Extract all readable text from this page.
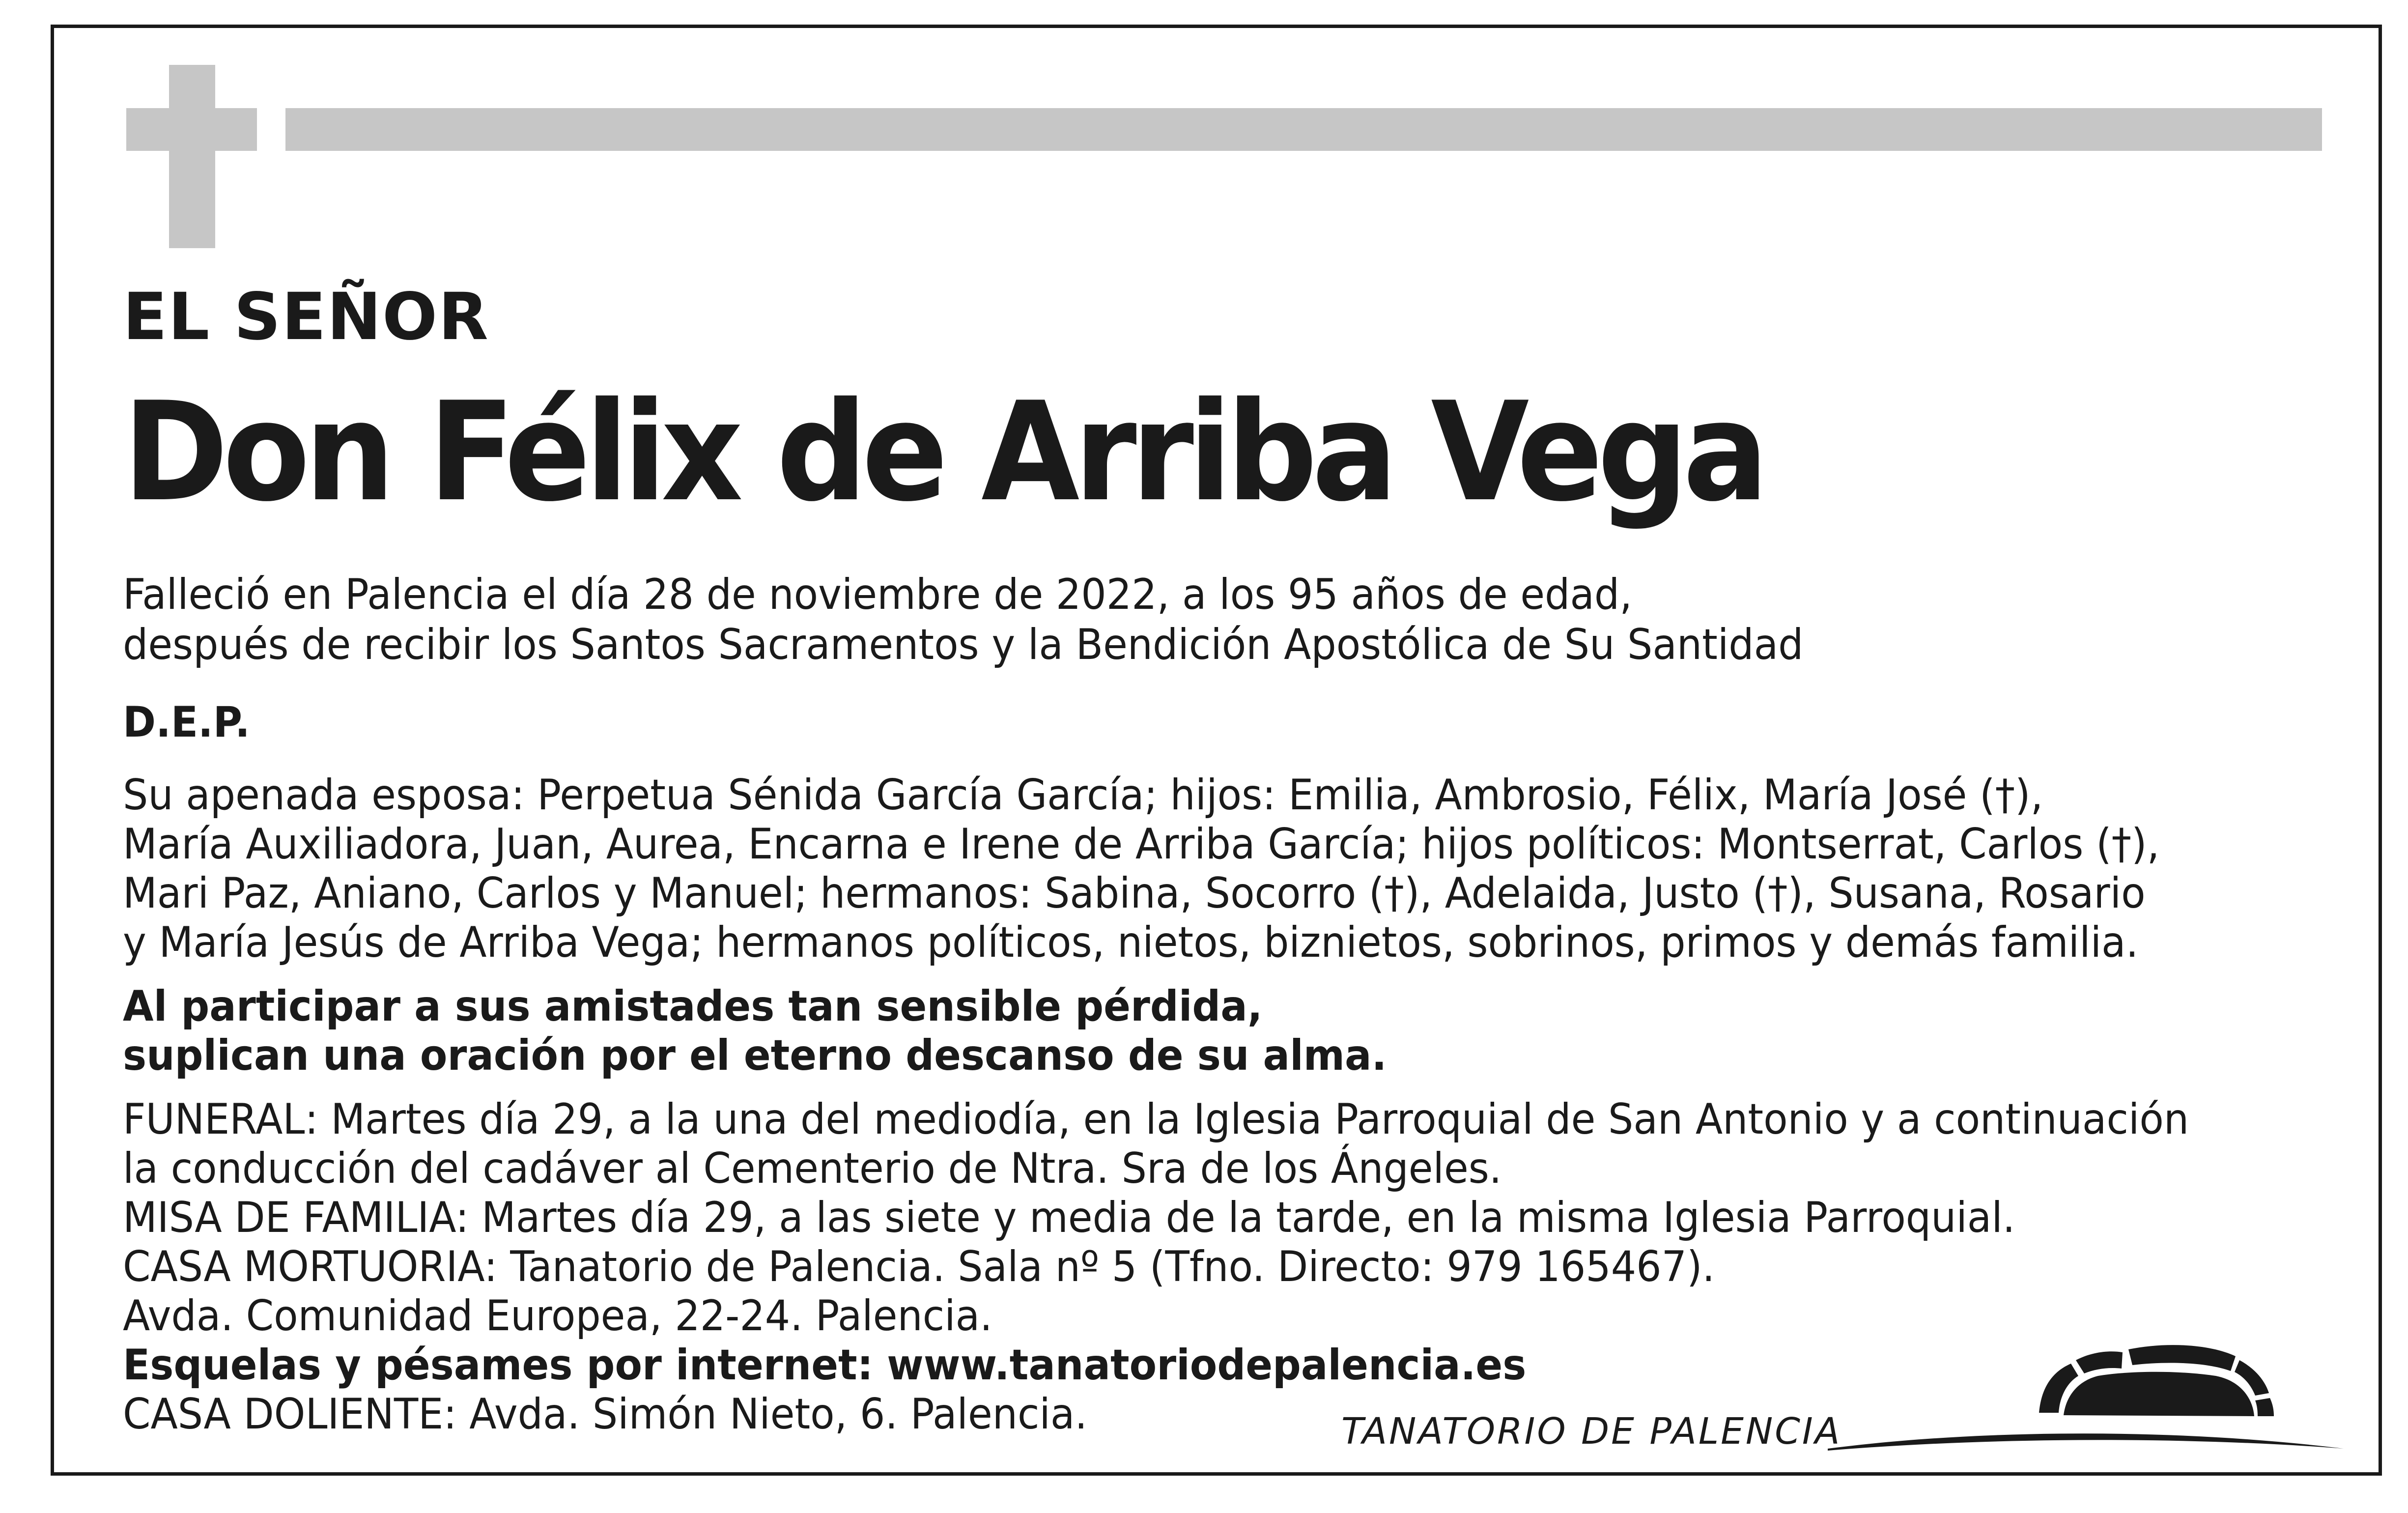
EL SEÑOR
Don Félix de Arriba Vega
Falleció en Palencia el día 28 de noviembre de 2022, a los 95 años de edad,
después de recibir los Santos Sacramentos y la Bendición Apostólica de Su Santidad
D.E.P.
Su apenada esposa: Perpetua Sénida García García; hijos: Emilia, Ambrosio, Félix, María José (†),
María Auxiliadora, Juan, Aurea, Encarna e Irene de Arriba García; hijos políticos: Montserrat, Carlos (†),
Mari Paz, Aniano, Carlos y Manuel; hermanos: Sabina, Socorro (†), Adelaida, Justo (†), Susana, Rosario
y María Jesús de Arriba Vega; hermanos políticos, nietos, biznietos, sobrinos, primos y demás familia.
Al participar a sus amistades tan sensible pérdida,
suplican una oración por el eterno descanso de su alma.
FUNERAL: Martes día 29, a la una del mediodía, en la Iglesia Parroquial de San Antonio y a continuación
la conducción del cadáver al Cementerio de Ntra. Sra de los Ángeles.
MISA DE FAMILIA: Martes día 29, a las siete y media de la tarde, en la misma Iglesia Parroquial.
CASA MORTUORIA: Tanatorio de Palencia. Sala nº 5 (Tfno. Directo: 979 165467).
Avda. Comunidad Europea, 22-24. Palencia.
Esquelas y pésames por internet: www.tanatoriodepalencia.es
CASA DOLIENTE: Avda. Simón Nieto, 6. Palencia.	TANATORIO DE PALENCIA
